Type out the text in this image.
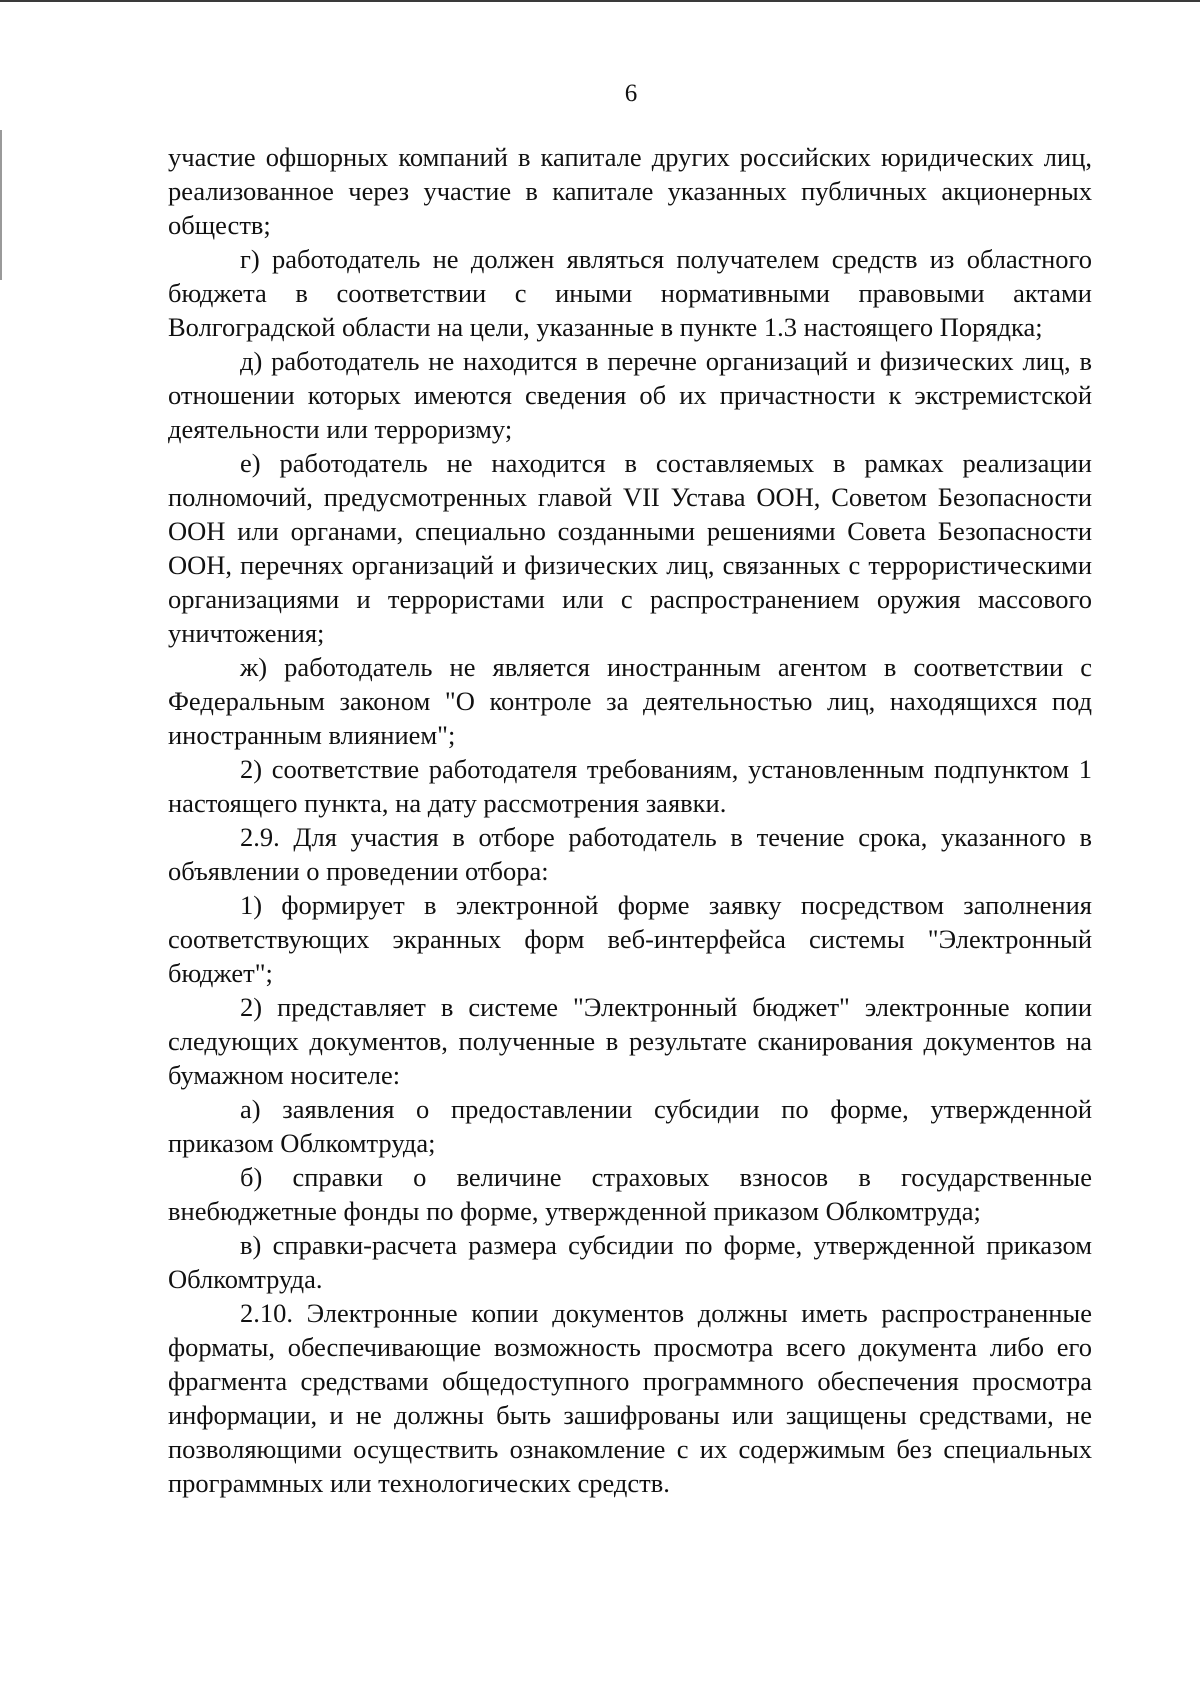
6

участие офшорных компаний в капитале других российских юридических лиц, реализованное через участие в капитале указанных публичных акционерных обществ;

г) работодатель не должен являться получателем средств из областного бюджета в соответствии с иными нормативными правовыми актами Волгоградской области на цели, указанные в пункте 1.3 настоящего Порядка;

д) работодатель не находится в перечне организаций и физических лиц, в отношении которых имеются сведения об их причастности к экстремистской деятельности или терроризму;

е) работодатель не находится в составляемых в рамках реализации полномочий, предусмотренных главой VII Устава ООН, Советом Безопасности ООН или органами, специально созданными решениями Совета Безопасности ООН, перечнях организаций и физических лиц, связанных с террористическими организациями и террористами или с распространением оружия массового уничтожения;

ж) работодатель не является иностранным агентом в соответствии с Федеральным законом "О контроле за деятельностью лиц, находящихся под иностранным влиянием";

2) соответствие работодателя требованиям, установленным подпунктом 1 настоящего пункта, на дату рассмотрения заявки.

2.9. Для участия в отборе работодатель в течение срока, указанного в объявлении о проведении отбора:

1) формирует в электронной форме заявку посредством заполнения соответствующих экранных форм веб-интерфейса системы "Электронный бюджет";

2) представляет в системе "Электронный бюджет" электронные копии следующих документов, полученные в результате сканирования документов на бумажном носителе:

а) заявления о предоставлении субсидии по форме, утвержденной приказом Облкомтруда;

б) справки о величине страховых взносов в государственные внебюджетные фонды по форме, утвержденной приказом Облкомтруда;

в) справки-расчета размера субсидии по форме, утвержденной приказом Облкомтруда.

2.10. Электронные копии документов должны иметь распространенные форматы, обеспечивающие возможность просмотра всего документа либо его фрагмента средствами общедоступного программного обеспечения просмотра информации, и не должны быть зашифрованы или защищены средствами, не позволяющими осуществить ознакомление с их содержимым без специальных программных или технологических средств.
